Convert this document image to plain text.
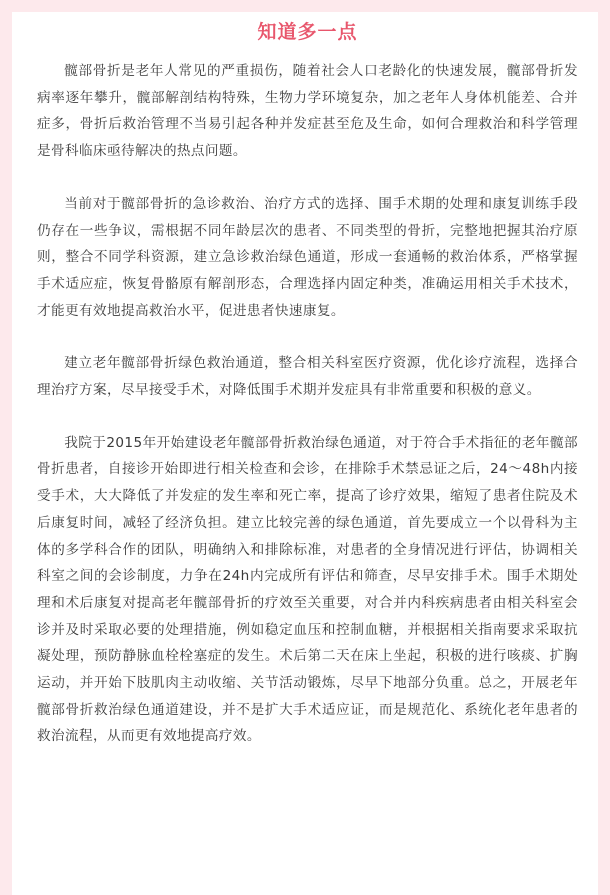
知道多一点

髋部骨折是老年人常见的严重损伤，随着社会人口老龄化的快速发展，髋部骨折发病率逐年攀升，髋部解剖结构特殊，生物力学环境复杂，加之老年人身体机能差、合并症多，骨折后救治管理不当易引起各种并发症甚至危及生命，如何合理救治和科学管理是骨科临床亟待解决的热点问题。

当前对于髋部骨折的急诊救治、治疗方式的选择、围手术期的处理和康复训练手段仍存在一些争议，需根据不同年龄层次的患者、不同类型的骨折，完整地把握其治疗原则，整合不同学科资源，建立急诊救治绿色通道，形成一套通畅的救治体系，严格掌握手术适应症，恢复骨骼原有解剖形态，合理选择内固定种类，准确运用相关手术技术，才能更有效地提高救治水平，促进患者快速康复。

建立老年髋部骨折绿色救治通道，整合相关科室医疗资源，优化诊疗流程，选择合理治疗方案，尽早接受手术，对降低围手术期并发症具有非常重要和积极的意义。

我院于2015年开始建设老年髋部骨折救治绿色通道，对于符合手术指征的老年髋部骨折患者，自接诊开始即进行相关检查和会诊，在排除手术禁忌证之后，24～48h内接受手术，大大降低了并发症的发生率和死亡率，提高了诊疗效果，缩短了患者住院及术后康复时间，减轻了经济负担。建立比较完善的绿色通道，首先要成立一个以骨科为主体的多学科合作的团队，明确纳入和排除标准，对患者的全身情况进行评估，协调相关科室之间的会诊制度，力争在24h内完成所有评估和筛查，尽早安排手术。围手术期处理和术后康复对提高老年髋部骨折的疗效至关重要，对合并内科疾病患者由相关科室会诊并及时采取必要的处理措施，例如稳定血压和控制血糖，并根据相关指南要求采取抗凝处理，预防静脉血栓栓塞症的发生。术后第二天在床上坐起，积极的进行咳痰、扩胸运动，并开始下肢肌肉主动收缩、关节活动锻炼，尽早下地部分负重。总之，开展老年髋部骨折救治绿色通道建设，并不是扩大手术适应证，而是规范化、系统化老年患者的救治流程，从而更有效地提高疗效。
